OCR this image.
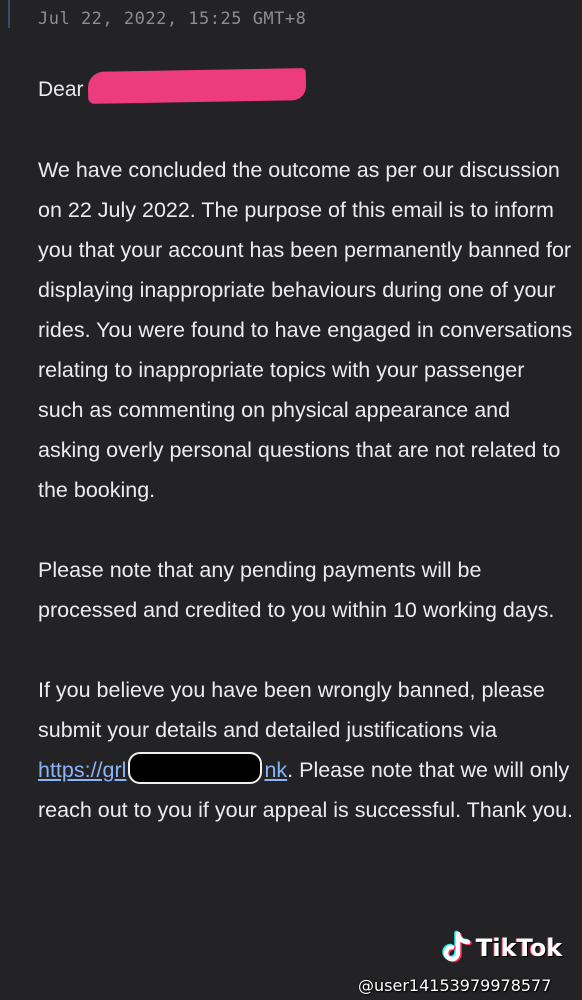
Jul 22, 2022, 15:25 GMT+8
Dear

We have concluded the outcome as per our discussion on 22 July 2022. The purpose of this email is to inform you that your account has been permanently banned for displaying inappropriate behaviours during one of your rides. You were found to have engaged in conversations relating to inappropriate topics with your passenger such as commenting on physical appearance and asking overly personal questions that are not related to the booking.

Please note that any pending payments will be processed and credited to you within 10 working days.

If you believe you have been wrongly banned, please submit your details and detailed justifications via https://grl	nk. Please note that we will only reach out to you if your appeal is successful. Thank you.

TikTok
@user14153979978577
